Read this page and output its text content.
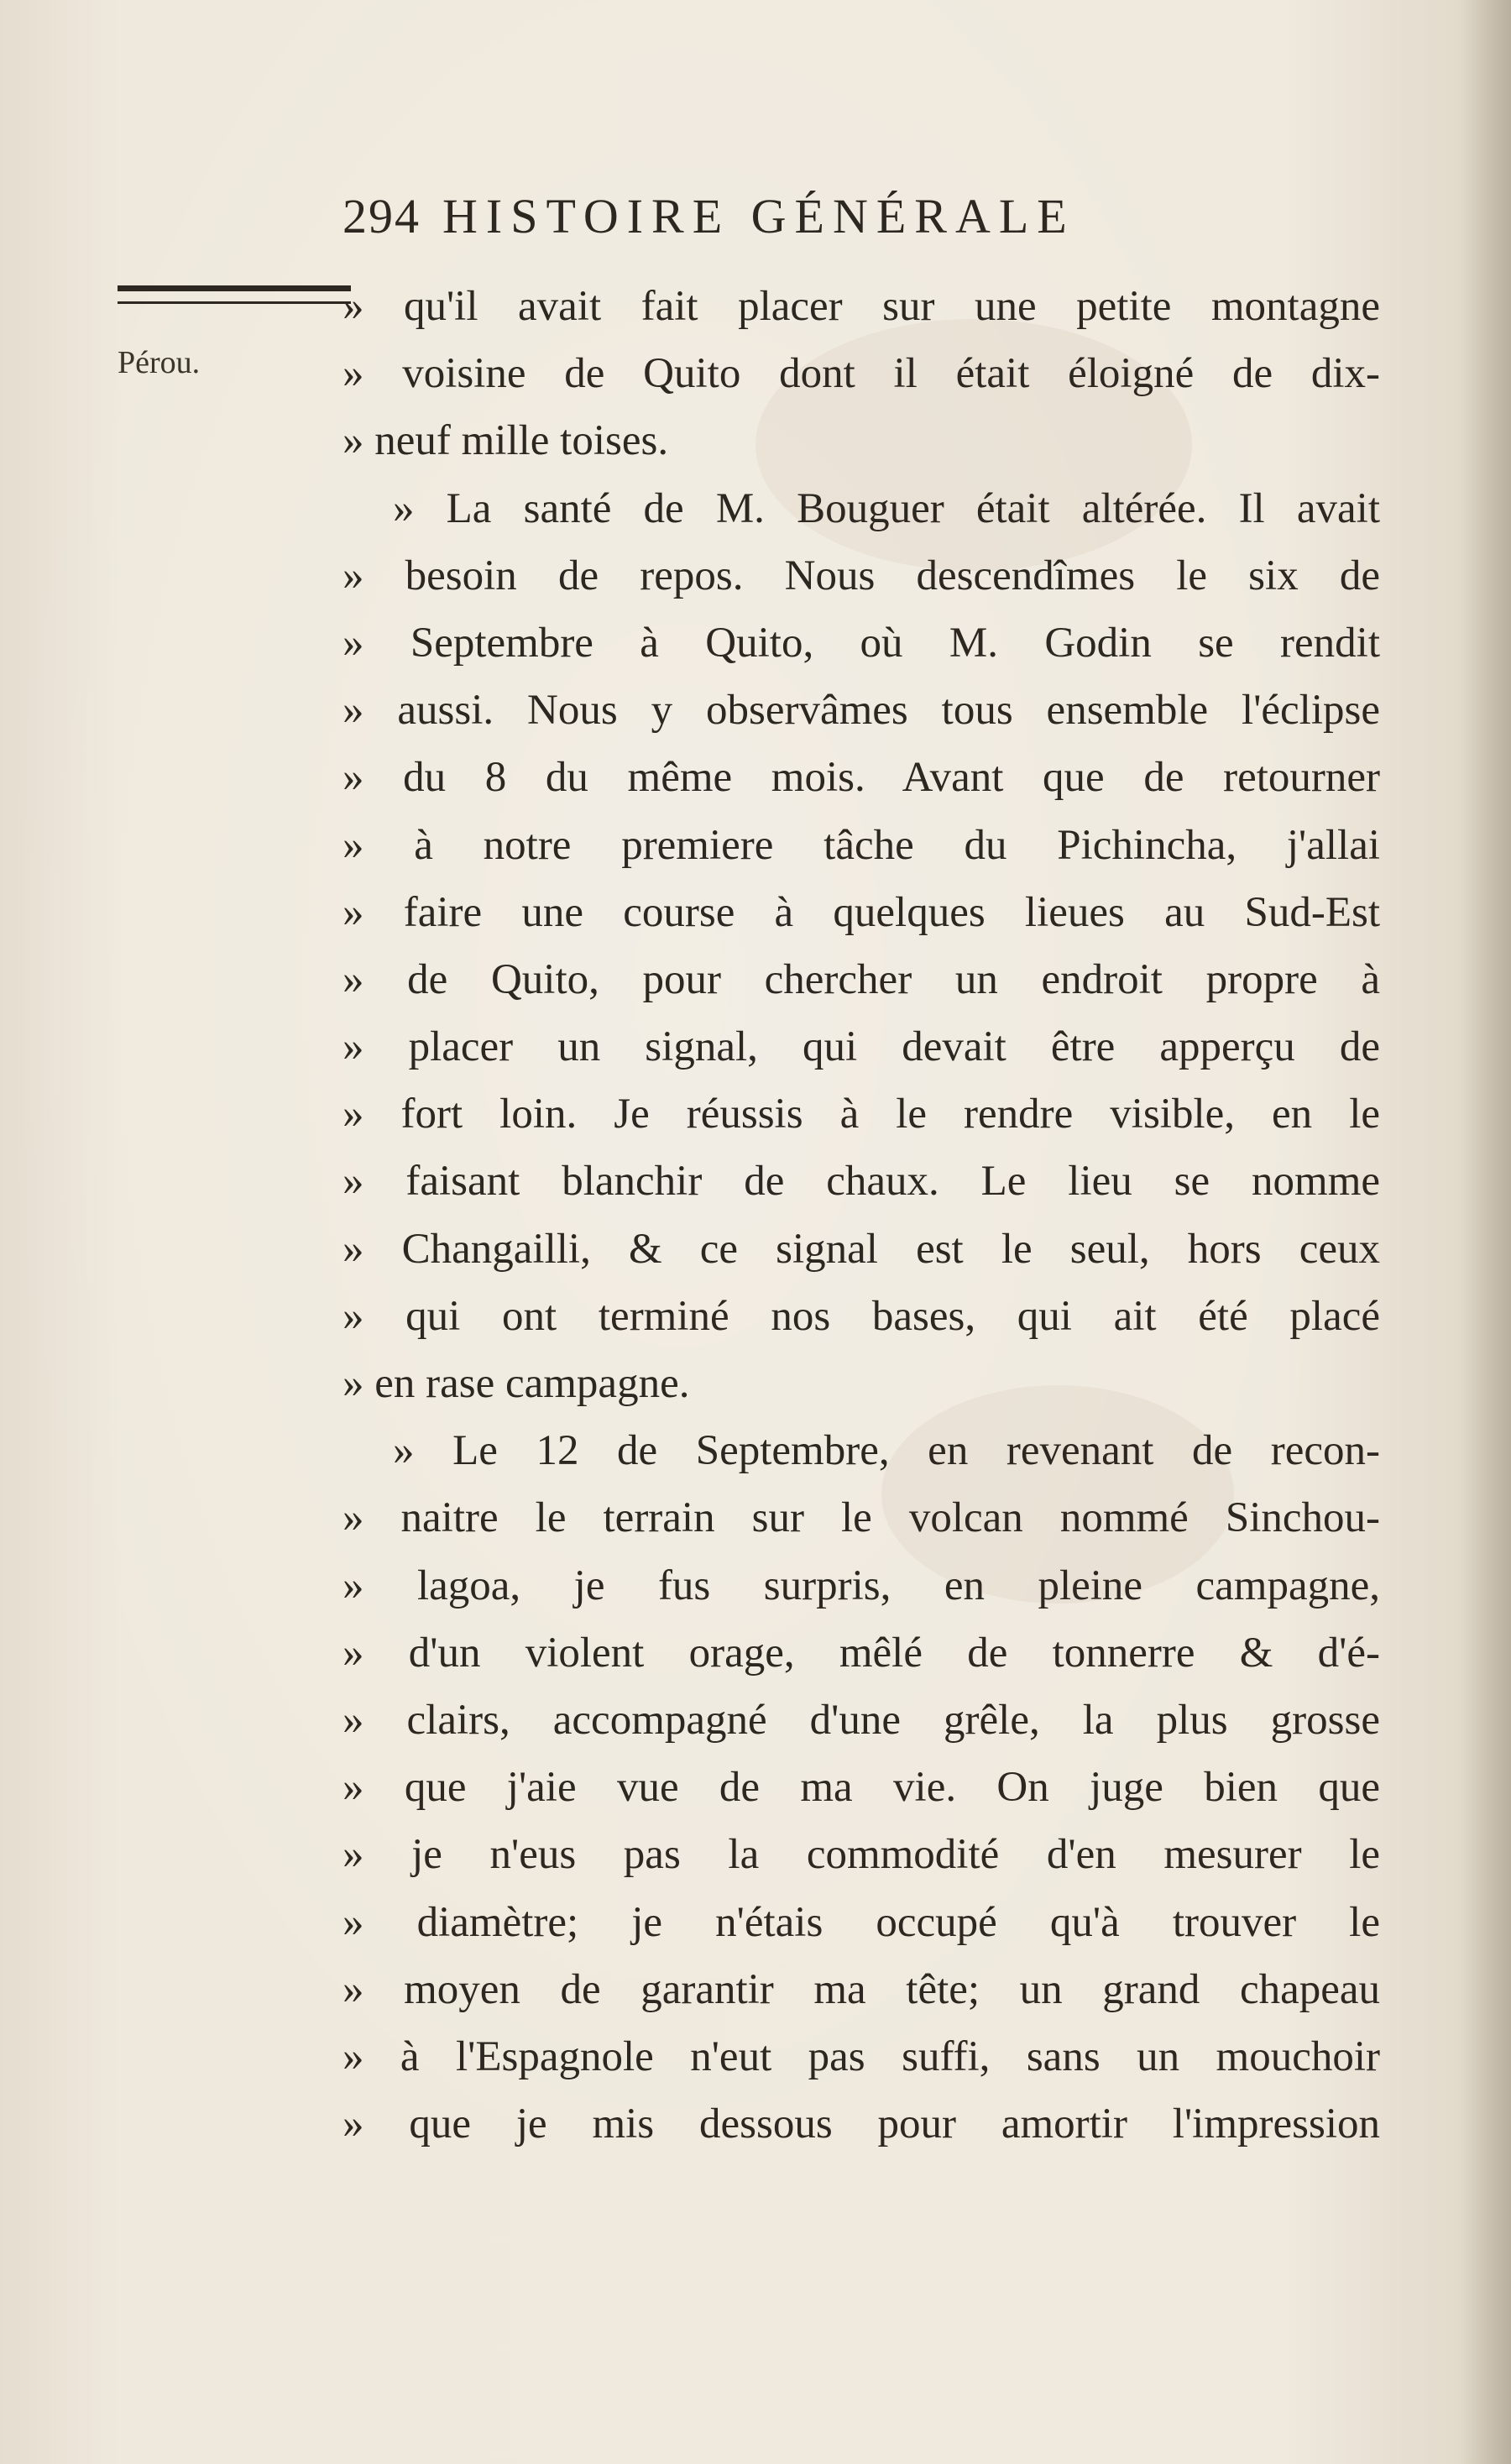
294 HISTOIRE GÉNÉRALE
Pérou.
» qu'il avait fait placer sur une petite montagne
» voisine de Quito dont il était éloigné de dix-
» neuf mille toises.
» La santé de M. Bouguer était altérée. Il avait
» besoin de repos. Nous descendîmes le six de
» Septembre à Quito, où M. Godin se rendit
» aussi. Nous y observâmes tous ensemble l'éclipse
» du 8 du même mois. Avant que de retourner
» à notre premiere tâche du Pichincha, j'allai
» faire une course à quelques lieues au Sud-Est
» de Quito, pour chercher un endroit propre à
» placer un signal, qui devait être apperçu de
» fort loin. Je réussis à le rendre visible, en le
» faisant blanchir de chaux. Le lieu se nomme
» Changailli, & ce signal est le seul, hors ceux
» qui ont terminé nos bases, qui ait été placé
» en rase campagne.
» Le 12 de Septembre, en revenant de recon-
» naitre le terrain sur le volcan nommé Sinchou-
» lagoa, je fus surpris, en pleine campagne,
» d'un violent orage, mêlé de tonnerre & d'é-
» clairs, accompagné d'une grêle, la plus grosse
» que j'aie vue de ma vie. On juge bien que
» je n'eus pas la commodité d'en mesurer le
» diamètre; je n'étais occupé qu'à trouver le
» moyen de garantir ma tête; un grand chapeau
» à l'Espagnole n'eut pas suffi, sans un mouchoir
» que je mis dessous pour amortir l'impression
